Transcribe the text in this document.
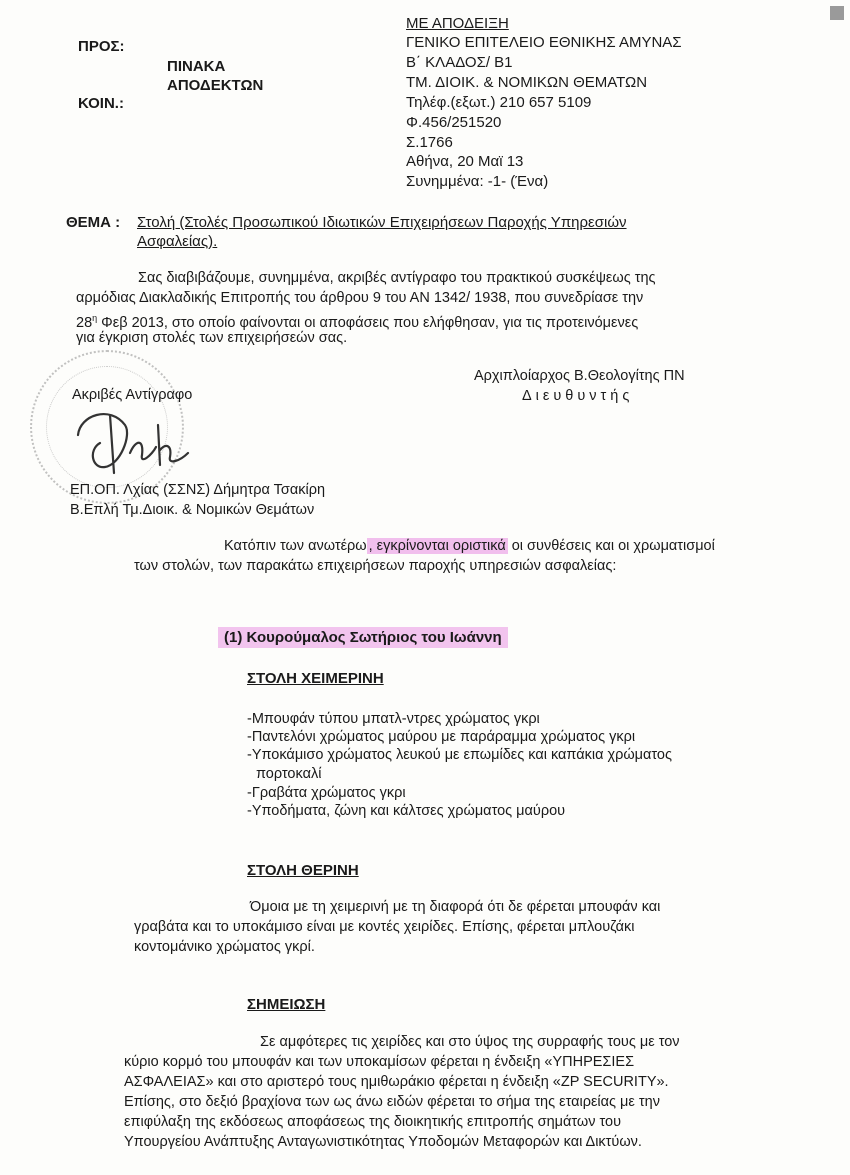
ΠΡΟΣ:
ΠΙΝΑΚΑ
ΑΠΟΔΕΚΤΩΝ
ΚΟΙΝ.:
ΜΕ ΑΠΟΔΕΙΞΗ
ΓΕΝΙΚΟ ΕΠΙΤΕΛΕΙΟ ΕΘΝΙΚΗΣ ΑΜΥΝΑΣ
Β΄ ΚΛΑΔΟΣ/ Β1
ΤΜ. ΔΙΟΙΚ. & ΝΟΜΙΚΩΝ ΘΕΜΑΤΩΝ
Τηλέφ.(εξωτ.) 210 657 5109
Φ.456/251520
Σ.1766
Αθήνα, 20 Μαϊ 13
Συνημμένα: -1- (Ένα)
ΘΕΜΑ : Στολή (Στολές Προσωπικού Ιδιωτικών Επιχειρήσεων Παροχής Υπηρεσιών
Ασφαλείας).
Σας διαβιβάζουμε, συνημμένα, ακριβές αντίγραφο του πρακτικού συσκέψεως της
αρμόδιας Διακλαδικής Επιτροπής του άρθρου 9 του ΑΝ 1342/ 1938, που συνεδρίασε την
$28^\eta$ Φεβ 2013, στο οποίο φαίνονται οι αποφάσεις που ελήφθησαν, για τις προτεινόμενες
για έγκριση στολές των επιχειρήσεών σας.
Αρχιπλοίαρχος Β.Θεολογίτης ΠΝ
Διευθυντής
Ακριβές Αντίγραφο
ΕΠ.ΟΠ. Λχίας (ΣΣΝΣ) Δήμητρα Τσακίρη
Β.Επλή Τμ.Διοικ. & Νομικών Θεμάτων
Κατόπιν των ανωτέρω , εγκρίνονται οριστικά οι συνθέσεις και οι χρωματισμοί
των στολών, των παρακάτω επιχειρήσεων παροχής υπηρεσιών ασφαλείας:
(1) Κουρούμαλος Σωτήριος του Ιωάννη
ΣΤΟΛΗ ΧΕΙΜΕΡΙΝΗ
-Μπουφάν τύπου μπατλ-ντρες χρώματος γκρι
-Παντελόνι χρώματος μαύρου με παράραμμα χρώματος γκρι
-Υποκάμισο χρώματος λευκού με επωμίδες και καπάκια χρώματος
πορτοκαλί
-Γραβάτα χρώματος γκρι
-Υποδήματα, ζώνη και κάλτσες χρώματος μαύρου
ΣΤΟΛΗ ΘΕΡΙΝΗ
Όμοια με τη χειμερινή με τη διαφορά ότι δε φέρεται μπουφάν και
γραβάτα και το υποκάμισο είναι με κοντές χειρίδες. Επίσης, φέρεται μπλουζάκι
κοντομάνικο χρώματος γκρί.
ΣΗΜΕΙΩΣΗ
Σε αμφότερες τις χειρίδες και στο ύψος της συρραφής τους με τον
κύριο κορμό του μπουφάν και των υποκαμίσων φέρεται η ένδειξη «ΥΠΗΡΕΣΙΕΣ
ΑΣΦΑΛΕΙΑΣ» και στο αριστερό τους ημιθωράκιο φέρεται η ένδειξη «ZP SECURITY».
Επίσης, στο δεξιό βραχίονα των ως άνω ειδών φέρεται το σήμα της εταιρείας με την
επιφύλαξη της εκδόσεως αποφάσεως της διοικητικής επιτροπής σημάτων του
Υπουργείου Ανάπτυξης Ανταγωνιστικότητας Υποδομών Μεταφορών και Δικτύων.
